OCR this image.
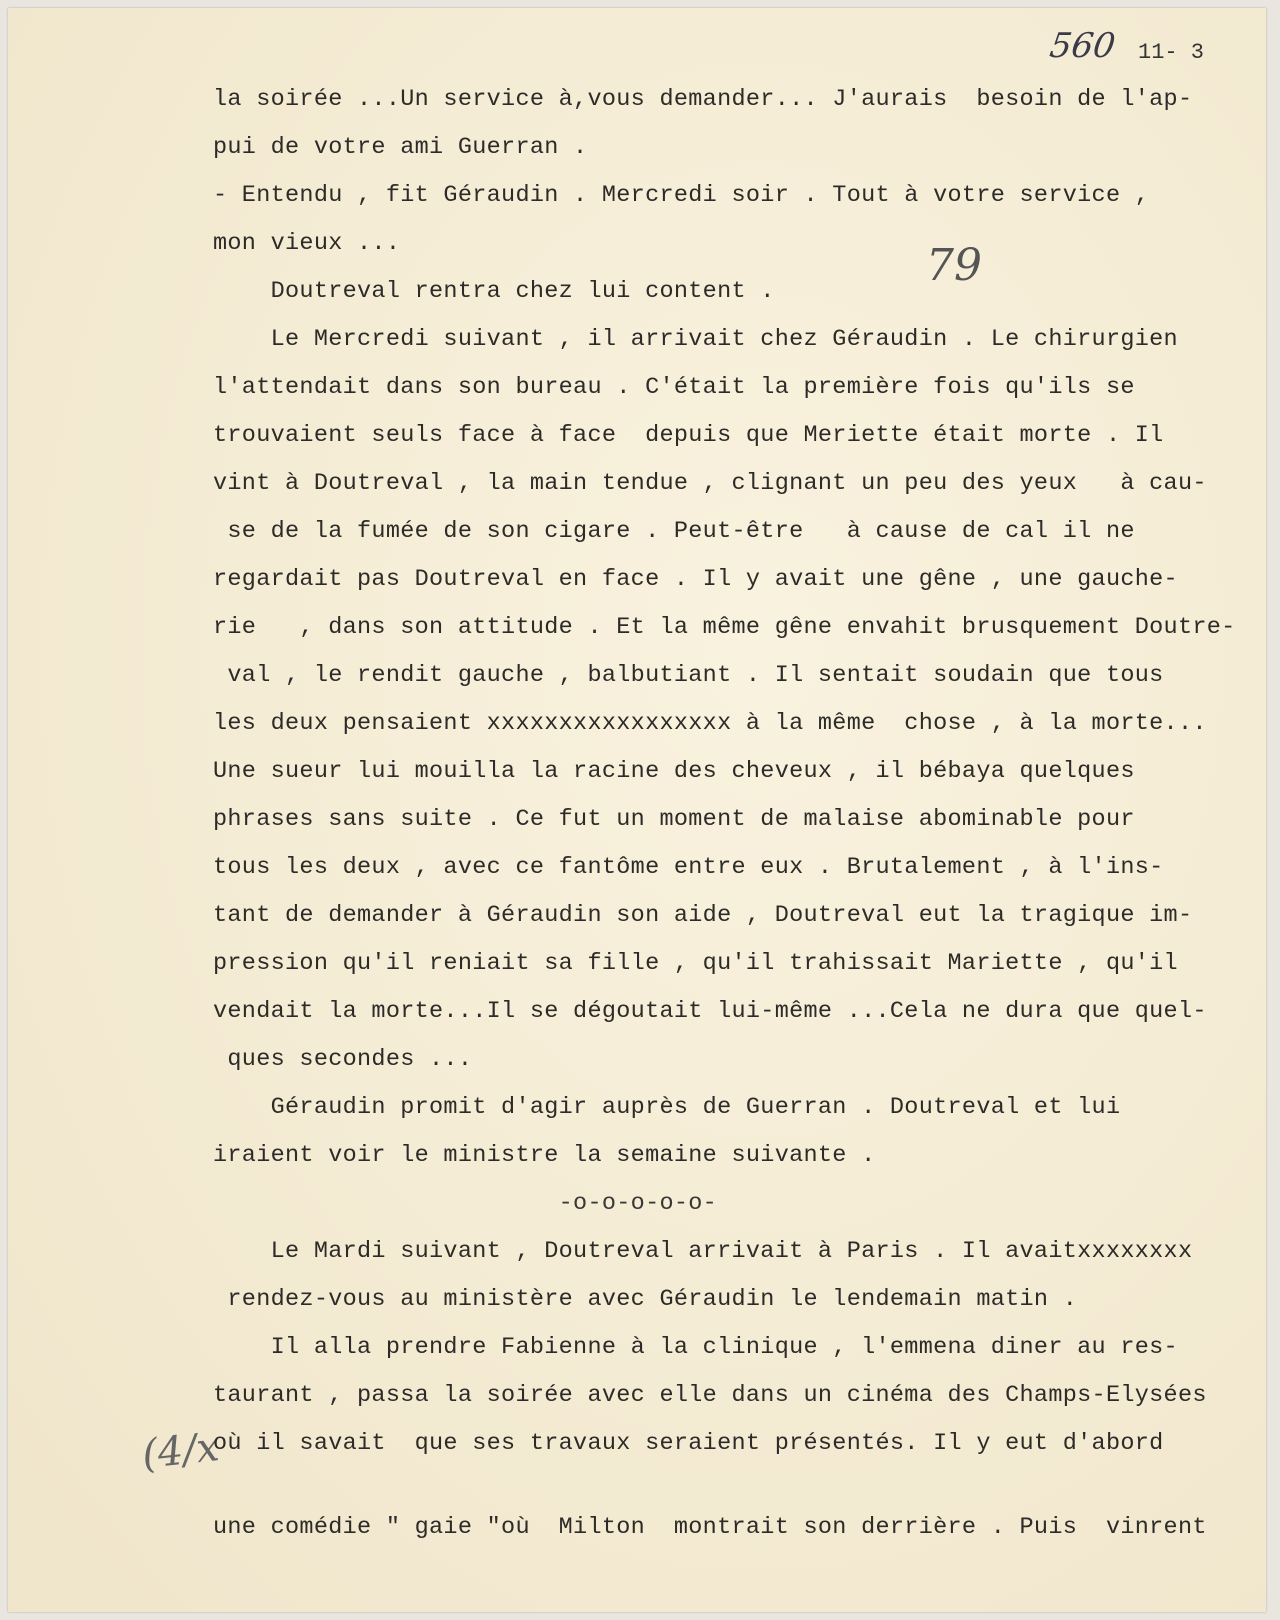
560 11- 3
79
(4/x
la soirée ...Un service à,vous demander... J'aurais  besoin de l'ap-
pui de votre ami Guerran .
- Entendu , fit Géraudin . Mercredi soir . Tout à votre service ,
mon vieux ...
Doutreval rentra chez lui content .
Le Mercredi suivant , il arrivait chez Géraudin . Le chirurgien
l'attendait dans son bureau . C'était la première fois qu'ils se
trouvaient seuls face à face  depuis que Meriette était morte . Il
vint à Doutreval , la main tendue , clignant un peu des yeux   à cau-
se de la fumée de son cigare . Peut-être   à cause de cal il ne
regardait pas Doutreval en face . Il y avait une gêne , une gauche-
rie   , dans son attitude . Et la même gêne envahit brusquement Doutre-
val , le rendit gauche , balbutiant . Il sentait soudain que tous
les deux pensaient xxxxxxxxxxxxxxxxx à la même  chose , à la morte...
Une sueur lui mouilla la racine des cheveux , il bébaya quelques
phrases sans suite . Ce fut un moment de malaise abominable pour
tous les deux , avec ce fantôme entre eux . Brutalement , à l'ins-
tant de demander à Géraudin son aide , Doutreval eut la tragique im-
pression qu'il reniait sa fille , qu'il trahissait Mariette , qu'il
vendait la morte...Il se dégoutait lui-même ...Cela ne dura que quel-
ques secondes ...
Géraudin promit d'agir auprès de Guerran . Doutreval et lui
iraient voir le ministre la semaine suivante .
-o-o-o-o-o-
Le Mardi suivant , Doutreval arrivait à Paris . Il avaitxxxxxxxx
rendez-vous au ministère avec Géraudin le lendemain matin .
Il alla prendre Fabienne à la clinique , l'emmena diner au res-
taurant , passa la soirée avec elle dans un cinéma des Champs-Elysées
où il savait  que ses travaux seraient présentés. Il y eut d'abord
une comédie " gaie "où  Milton  montrait son derrière . Puis  vinrent
